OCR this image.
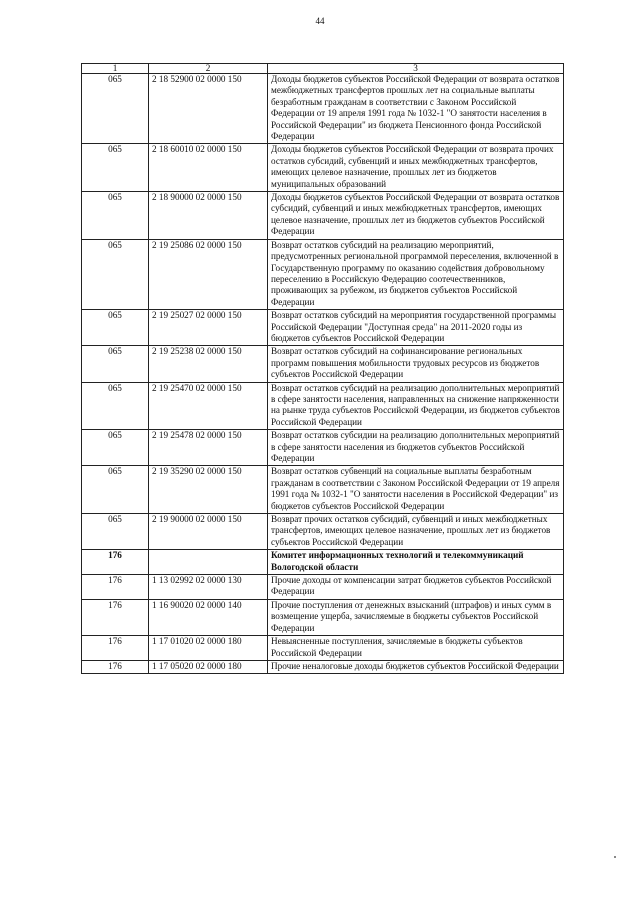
44
1	2	3
065	2 18 52900 02 0000 150	Доходы бюджетов субъектов Российской Федерации от возврата остатков межбюджетных трансфертов прошлых лет на социальные выплаты безработным гражданам в соответствии с Законом Российской Федерации от 19 апреля 1991 года № 1032-1 "О занятости населения в Российской Федерации" из бюджета Пенсионного фонда Российской Федерации
065	2 18 60010 02 0000 150	Доходы бюджетов субъектов Российской Федерации от возврата прочих остатков субсидий, субвенций и иных межбюджетных трансфертов, имеющих целевое назначение, прошлых лет из бюджетов муниципальных образований
065	2 18 90000 02 0000 150	Доходы бюджетов субъектов Российской Федерации от возврата остатков субсидий, субвенций и иных межбюджетных трансфертов, имеющих целевое назначение, прошлых лет из бюджетов субъектов Российской Федерации
065	2 19 25086 02 0000 150	Возврат остатков субсидий на реализацию мероприятий, предусмотренных региональной программой переселения, включенной в Государственную программу по оказанию содействия добровольному переселению в Российскую Федерацию соотечественников, проживающих за рубежом, из бюджетов субъектов Российской Федерации
065	2 19 25027 02 0000 150	Возврат остатков субсидий на мероприятия государственной программы Российской Федерации "Доступная среда" на 2011-2020 годы из бюджетов субъектов Российской Федерации
065	2 19 25238 02 0000 150	Возврат остатков субсидий на софинансирование региональных программ повышения мобильности трудовых ресурсов из бюджетов субъектов Российской Федерации
065	2 19 25470 02 0000 150	Возврат остатков субсидий на реализацию дополнительных мероприятий в сфере занятости населения, направленных на снижение напряженности на рынке труда субъектов Российской Федерации, из бюджетов субъектов Российской Федерации
065	2 19 25478 02 0000 150	Возврат остатков субсидии на реализацию дополнительных мероприятий в сфере занятости населения из бюджетов субъектов Российской Федерации
065	2 19 35290 02 0000 150	Возврат остатков субвенций на социальные выплаты безработным гражданам в соответствии с Законом Российской Федерации от 19 апреля 1991 года № 1032-1 "О занятости населения в Российской Федерации" из бюджетов субъектов Российской Федерации
065	2 19 90000 02 0000 150	Возврат прочих остатков субсидий, субвенций и иных межбюджетных трансфертов, имеющих целевое назначение, прошлых лет из бюджетов субъектов Российской Федерации
176		Комитет информационных технологий и телекоммуникаций Вологодской области
176	1 13 02992 02 0000 130	Прочие доходы от компенсации затрат бюджетов субъектов Российской Федерации
176	1 16 90020 02 0000 140	Прочие поступления от денежных взысканий (штрафов) и иных сумм в возмещение ущерба, зачисляемые в бюджеты субъектов Российской Федерации
176	1 17 01020 02 0000 180	Невыясненные поступления, зачисляемые в бюджеты субъектов Российской Федерации
176	1 17 05020 02 0000 180	Прочие неналоговые доходы бюджетов субъектов Российской Федерации
